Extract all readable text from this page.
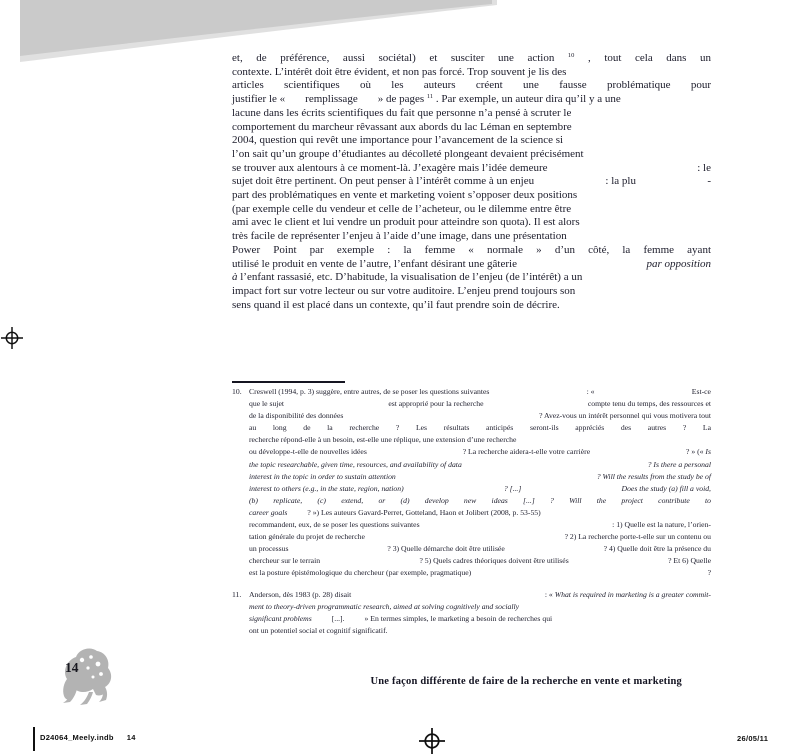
et, de préférence, aussi sociétal) et susciter une action $^{10}$ , tout cela dans un
contexte. L’intérêt doit être évident, et non pas forcé. Trop souvent je lis des
articles scientifiques où les auteurs créent une fausse problématique pour
justifier le « remplissage » de pages $^{11}$ . Par exemple, un auteur dira qu’il y a une
lacune dans les écrits scientifiques du fait que personne n’a pensé à scruter le
comportement du marcheur rêvassant aux abords du lac Léman en septembre
2004, question qui revêt une importance pour l’avancement de la science si
l’on sait qu’un groupe d’étudiantes au décolleté plongeant devaient précisément
se trouver aux alentours à ce moment-là. J’exagère mais l’idée demeure	: le
sujet doit être pertinent. On peut penser à l’intérêt comme à un enjeu	: la plu	-
part des problématiques en vente et marketing voient s’opposer deux positions
(par exemple celle du vendeur et celle de l’acheteur, ou le dilemme entre être
ami avec le client et lui vendre un produit pour atteindre son quota). Il est alors
très facile de représenter l’enjeu à l’aide d’une image, dans une présentation
Power Point par exemple : la femme « normale » d’un côté, la femme ayant
utilisé le produit en vente de l’autre, l’enfant désirant une gâterie	par opposition
à l’enfant rassasié, etc. D’habitude, la visualisation de l’enjeu (de l’intérêt) a un
impact fort sur votre lecteur ou sur votre auditoire. L’enjeu prend toujours son
sens quand il est placé dans un contexte, qu’il faut prendre soin de décrire.
10. Creswell (1994, p. 3) suggère, entre autres, de se poser les questions suivantes	: «	Est-ce
que le sujet	est approprié pour la recherche	compte tenu du temps, des ressources et
de la disponibilité des données	? Avez-vous un intérêt personnel qui vous motivera tout
au long de la recherche ? Les résultats anticipés seront-ils appréciés des autres ? La
recherche répond-elle à un besoin, est-elle une réplique, une extension d’une recherche
ou développe-t-elle de nouvelles idées	? La recherche aidera-t-elle votre carrière	? » (« Is
the topic researchable, given time, resources, and availability of data	? Is there a personal
interest in the topic in order to sustain attention	? Will the results from the study be of
interest to others (e.g., in the state, region, nation)	? [...]	Does the study (a) fill a void,
(b) replicate, (c) extend, or (d) develop new ideas [...] ? Will the project contribute to
career goals	? ») Les auteurs Gavard-Perret, Gotteland, Haon et Jolibert (2008, p. 53-55)
recommandent, eux, de se poser les questions suivantes	: 1) Quelle est la nature, l’orien-
tation générale du projet de recherche	? 2) La recherche porte-t-elle sur un contenu ou
un processus	? 3) Quelle démarche doit être utilisée	? 4) Quelle doit être la présence du
chercheur sur le terrain	? 5) Quels cadres théoriques doivent être utilisés	? Et 6) Quelle
est la posture épistémologique du chercheur (par exemple, pragmatique)	?
11. Anderson, dès 1983 (p. 28) disait	: « What is required in marketing is a greater commit-
ment to theory-driven programmatic research, aimed at solving cognitively and socially
significant problems	[...].	» En termes simples, le marketing a besoin de recherches qui
ont un potentiel social et cognitif significatif.
14
Une façon différente de faire de la recherche en vente et marketing
D24064_Meely.indb 14	26/05/11
